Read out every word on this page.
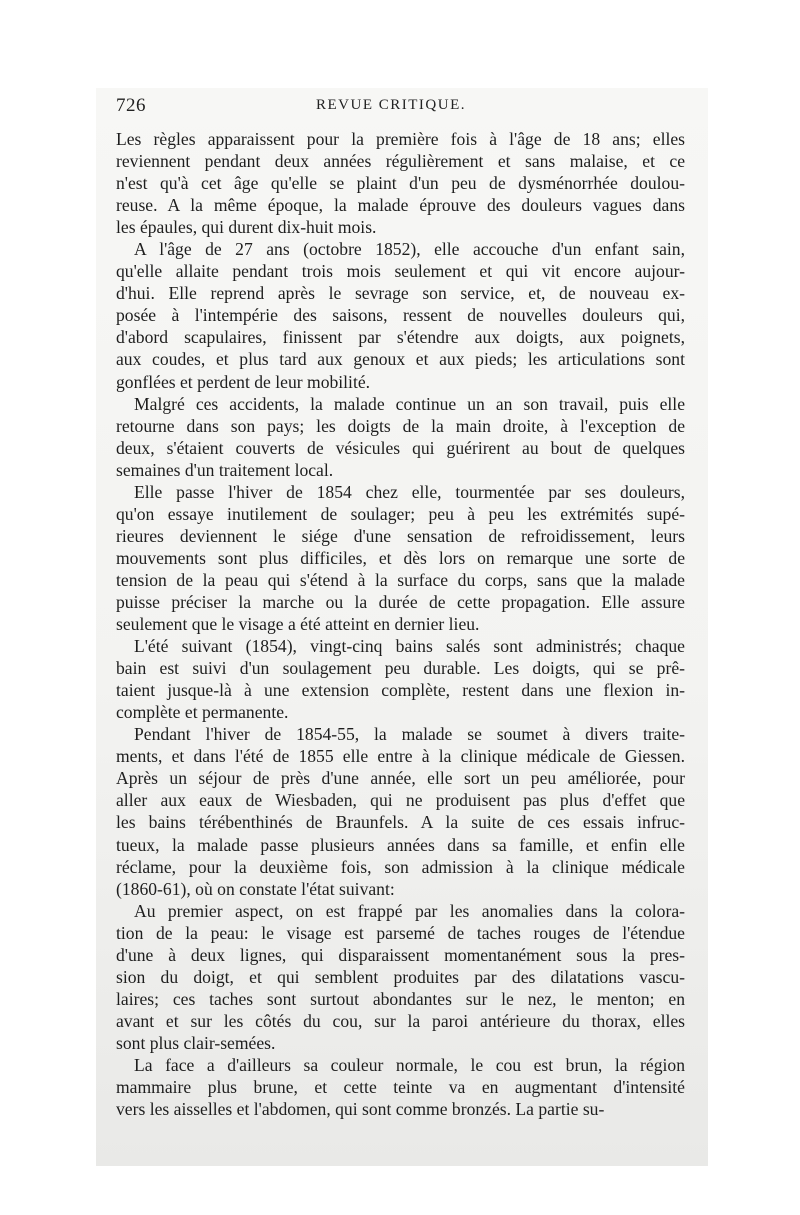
726	REVUE CRITIQUE.

Les règles apparaissent pour la première fois à l'âge de 18 ans; elles
reviennent pendant deux années régulièrement et sans malaise, et ce
n'est qu'à cet âge qu'elle se plaint d'un peu de dysménorrhée doulou-
reuse. A la même époque, la malade éprouve des douleurs vagues dans
les épaules, qui durent dix-huit mois.

A l'âge de 27 ans (octobre 1852), elle accouche d'un enfant sain,
qu'elle allaite pendant trois mois seulement et qui vit encore aujour-
d'hui. Elle reprend après le sevrage son service, et, de nouveau ex-
posée à l'intempérie des saisons, ressent de nouvelles douleurs qui,
d'abord scapulaires, finissent par s'étendre aux doigts, aux poignets,
aux coudes, et plus tard aux genoux et aux pieds; les articulations sont
gonflées et perdent de leur mobilité.

Malgré ces accidents, la malade continue un an son travail, puis elle
retourne dans son pays; les doigts de la main droite, à l'exception de
deux, s'étaient couverts de vésicules qui guérirent au bout de quelques
semaines d'un traitement local.

Elle passe l'hiver de 1854 chez elle, tourmentée par ses douleurs,
qu'on essaye inutilement de soulager; peu à peu les extrémités supé-
rieures deviennent le siége d'une sensation de refroidissement, leurs
mouvements sont plus difficiles, et dès lors on remarque une sorte de
tension de la peau qui s'étend à la surface du corps, sans que la malade
puisse préciser la marche ou la durée de cette propagation. Elle assure
seulement que le visage a été atteint en dernier lieu.

L'été suivant (1854), vingt-cinq bains salés sont administrés; chaque
bain est suivi d'un soulagement peu durable. Les doigts, qui se prê-
taient jusque-là à une extension complète, restent dans une flexion in-
complète et permanente.

Pendant l'hiver de 1854-55, la malade se soumet à divers traite-
ments, et dans l'été de 1855 elle entre à la clinique médicale de Giessen.
Après un séjour de près d'une année, elle sort un peu améliorée, pour
aller aux eaux de Wiesbaden, qui ne produisent pas plus d'effet que
les bains térébenthinés de Braunfels. A la suite de ces essais infruc-
tueux, la malade passe plusieurs années dans sa famille, et enfin elle
réclame, pour la deuxième fois, son admission à la clinique médicale
(1860-61), où on constate l'état suivant:

Au premier aspect, on est frappé par les anomalies dans la colora-
tion de la peau: le visage est parsemé de taches rouges de l'étendue
d'une à deux lignes, qui disparaissent momentanément sous la pres-
sion du doigt, et qui semblent produites par des dilatations vascu-
laires; ces taches sont surtout abondantes sur le nez, le menton; en
avant et sur les côtés du cou, sur la paroi antérieure du thorax, elles
sont plus clair-semées.

La face a d'ailleurs sa couleur normale, le cou est brun, la région
mammaire plus brune, et cette teinte va en augmentant d'intensité
vers les aisselles et l'abdomen, qui sont comme bronzés. La partie su-
